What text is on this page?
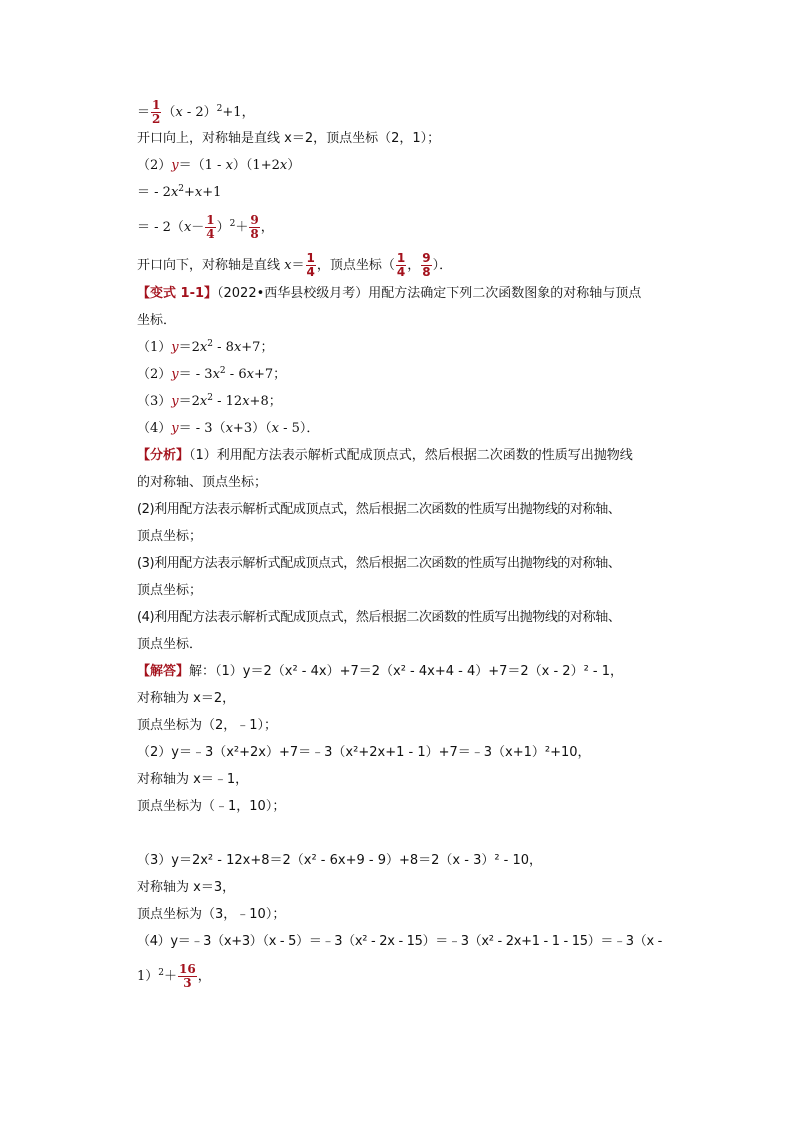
＝ $\frac{1}{2} (x - 2)^2+1$，
开口向上，对称轴是直线 x＝2，顶点坐标（2，1）；
（2）y＝（1 - x）（1+2x）
＝ - $2x^2+x+1$
＝ - $2(x- \frac{1}{4} )^2+ \frac{9}{8}$ ，
开口向下，对称轴是直线 $x= \frac{1}{4}$ ，顶点坐标（ $\frac{1}{4}$ ， $\frac{9}{8}$ ）．
【变式 1-1】（2022•西华县校级月考）用配方法确定下列二次函数图象的对称轴与顶点
坐标．
$(1)y=2x^2 - 8x+7$；
$(2)y= - 3x^2 - 6x+7$；
$(3)y=2x^2 - 12x+8$；
（4）y＝ - 3（x+3）（x - 5）．
【分析】（1）利用配方法表示解析式配成顶点式，然后根据二次函数的性质写出抛物线
的对称轴、顶点坐标；
(2)利用配方法表示解析式配成顶点式，然后根据二次函数的性质写出抛物线的对称轴、
顶点坐标；
(3)利用配方法表示解析式配成顶点式，然后根据二次函数的性质写出抛物线的对称轴、
顶点坐标；
(4)利用配方法表示解析式配成顶点式，然后根据二次函数的性质写出抛物线的对称轴、
顶点坐标．
【解答】解：（1）y＝2（x² - 4x）+7＝2（x² - 4x+4 - 4）+7＝2（x - 2）² - 1，
对称轴为 x＝2，
顶点坐标为（2，﹣1）；
（2）y＝﹣3（x²+2x）+7＝﹣3（x²+2x+1 - 1）+7＝﹣3（x+1）²+10，
对称轴为 x＝﹣1，
顶点坐标为（﹣1，10）；
（3）y＝2x² - 12x+8＝2（x² - 6x+9 - 9）+8＝2（x - 3）² - 10，
对称轴为 x＝3，
顶点坐标为（3，﹣10）；
（4）y＝﹣3（x+3）（x - 5）＝﹣3（x² - 2x - 15）＝﹣3（x² - 2x+1 - 1 - 15）＝﹣3（x -
$1)^2+ \frac{16}{3}$ ，
